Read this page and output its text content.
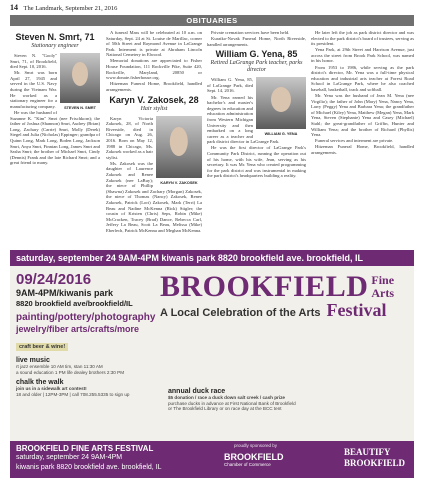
14 The Landmark, September 21, 2016
OBITUARIES
Steven N. Smrt, 71
Stationary engineer
STEVEN N. SMRT

Steven N. "Gooly" Smrt, 71, of Brookfield, died Sept. 10, 2016.

Mr. Smrt was born April 27, 1945 and served in the U.S. Navy during the Vietnam War. He worked as a stationary engineer for a manufacturing company.

He was the husband of Suzanne K. "Kim" Smrt (nee Frischkorn); the father of Joshua (Shannon) Smrt, Audrey (Brian) Long, Zachary (Carrie) Smrt, Molly (Derek) Siegel and Julia (Nicholas) Eppinger; grandpa of Quinn Long, Mark Long, Boden Long, Jackson Smrt, Anya Smrt, Finnian Long, James Smrt and Sasha Smrt; the brother of Michael Smrt, Cindy (Dennis) Frank and the late Richard Smrt; and a great friend to many.

A funeral Mass will be celebrated at 10 a.m. on Saturday, Sept. 24 at St. Louise de Marillac, corner of 50th Street and Raymond Avenue in LaGrange Park. Interment is private at Abraham Lincoln National Cemetery in Elwood.

Memorial donations are appreciated to Fisher House Foundation, 111 Rockville Pike, Suite 420, Rockville, Maryland, 20850 or www.donate.fisherhouse.org.

Hitzeman Funeral Home, Brookfield, handled arrangements.

Karyn V. Zakosek, 28
Hair stylist
KARYN V. ZAKOSEK

Karyn Victoria Zakosek, 28, of North Riverside, died in Chicago on Aug. 26, 2016. Born on May 12, 1988 in Chicago, Ms. Zakosek worked as a hair stylist.

Ms. Zakosek was the daughter of Laurence Zakosek and Renee Zakosek (nee LaBuy); the niece of Phillip (Shawna) Zakosek and Zachary (Morgan) Zakosek, the niece of Thomas (Nancy) Zakosek, Renee Zakosek, Patrick (Lori) Zakosek, Mark (Terri) La Beau and Nadine McKenna (Rick) Stigler; the cousin of Kristen (Chris) Seps, Robin (Mike) McCracken, Tracey (Brad) Dance, Rebecca Carl, Jeffery La Beau, Scott La Beau, Melissa (Mike) Eberlech, Patrick McKenna and Meghan McKenna.

Private cremation services have been held.

Kuratko-Novak Funeral Home, North Riverside, handled arrangements.

William G. Yena, 85
Retired LaGrange Park teacher, parks director
WILLIAM G. YENA

William G. Yena, 85, of LaGrange Park, died Sept. 14, 2016.

Mr. Yena earned his bachelor's and master's degrees in education and education administration from Western Michigan University and then embarked on a long career as a teacher and park district director in LaGrange Park.

He was the first director of LaGrange Park's Community Park District, running the operation out of his home, with his wife, Jean, serving as his secretary. It was Mr. Yena who created programming for the park district and was instrumental in making the park district's headquarters building a reality.

He later left the job as park district director and was elected to the park district's board of trustees, serving as its president.

Yena Park, at 29th Street and Harrison Avenue, just across the street from Brook Park School, was named in his honor.

From 1953 to 1986, while serving as the park district's director, Mr. Yena was a full-time physical education and industrial arts teacher at Forest Road School in LaGrange Park, where he also coached baseball, basketball, track and softball.

Mr. Yena was the husband of Jean M. Yena (nee Virgilio); the father of John (Mary) Yena, Nancy Yena, Larry (Peggy) Yena and Barbara Yena; the grandfather of Michael (Kiley) Yena, Matthew (Megan) Yena, Mark Yena, Steven (Stephanie) Yena and Casey (Michael) Stahl; the great-grandfather of Griffin, Hunter and William Yena; and the brother of Richard (Phyllis) Yena.

Funeral services and interment are private.

Hitzeman Funeral Home, Brookfield, handled arrangements.

saturday, september 24 9AM-4PM kiwanis park 8820 brookfield ave. brookfield, IL
09/24/2016
9AM-4PM/kiwanis park
8820 brookfield ave/brookfield/IL
painting/pottery/photography
jewelry/fiber arts/crafts/more
craft beer & wine!
live music
rt jazz ensemble 10 AM tim, stan 11:30 AM
a sound education 1 PM life dealey brothers 2:30 PM
chalk the walk
join us in a sidewalk art contest!
18 and older | 12PM-3PM | call 708.255.5335 to sign up
BROOKFIELD Fine
Arts
A Local Celebration of the Arts Festival
annual duck race
$5 donation / race a duck down salt creek / cash prize
purchase ducks in advance at First National Bank of Brookfield
or The Brookfield Library or on race day at the BCC tent
BROOKFIELD FINE ARTS FESTIVAL
saturday, september 24 9AM-4PM
kiwanis park 8820 brookfield ave. brookfield, IL
proudly sponsored by
BROOKFIELD
Chamber of Commerce
BEAUTIFY
BROOKFIELD
